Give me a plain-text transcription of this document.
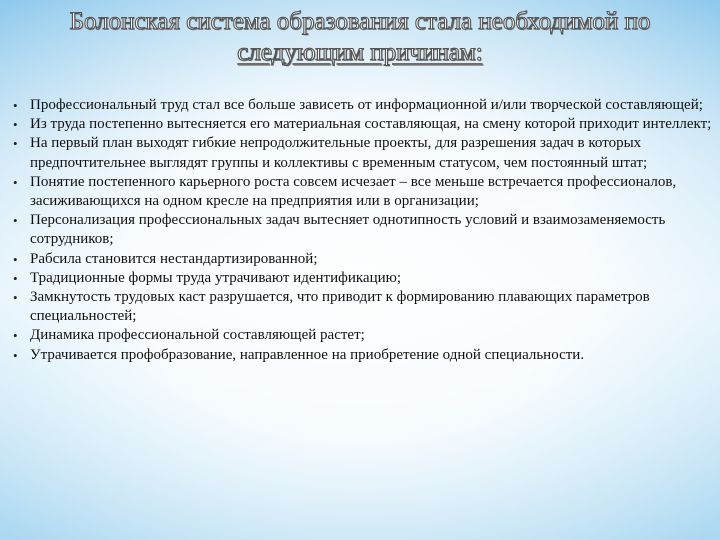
Болонская система образования стала необходимой по
следующим причинам:
• Профессиональный труд стал все больше зависеть от информационной и/или творческой составляющей;
• Из труда постепенно вытесняется его материальная составляющая, на смену которой приходит интеллект;
• На первый план выходят гибкие непродолжительные проекты, для разрешения задач в которых предпочтительнее выглядят группы и коллективы с временным статусом, чем постоянный штат;
• Понятие постепенного карьерного роста совсем исчезает – все меньше встречается профессионалов, засиживающихся на одном кресле на предприятия или в организации;
• Персонализация профессиональных задач вытесняет однотипность условий и взаимозаменяемость сотрудников;
• Рабсила становится нестандартизированной;
• Традиционные формы труда утрачивают идентификацию;
• Замкнутость трудовых каст разрушается, что приводит к формированию плавающих параметров специальностей;
• Динамика профессиональной составляющей растет;
• Утрачивается профобразование, направленное на приобретение одной специальности.
